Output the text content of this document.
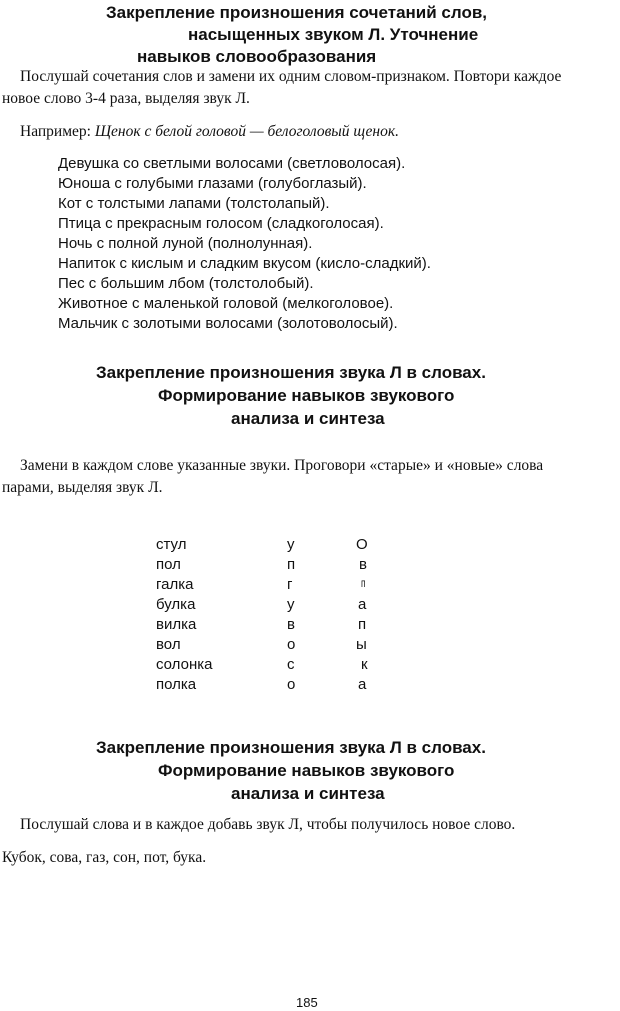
Закрепление произношения сочетаний слов,
насыщенных звуком Л. Уточнение
навыков словообразования
Послушай сочетания слов и замени их одним словом-признаком. Повтори каждое
новое слово 3-4 раза, выделяя звук Л.
Например: Щенок с белой головой — белоголовый щенок.
Девушка со светлыми волосами (светловолосая).
Юноша с голубыми глазами (голубоглазый).
Кот с толстыми лапами (толстолапый).
Птица с прекрасным голосом (сладкоголосая).
Ночь с полной луной (полнолунная).
Напиток с кислым и сладким вкусом (кисло-сладкий).
Пес с большим лбом (толстолобый).
Животное с маленькой головой (мелкоголовое).
Мальчик с золотыми волосами (золотоволосый).
Закрепление произношения звука Л в словах.
Формирование навыков звукового
анализа и синтеза
Замени в каждом слове указанные звуки. Проговори «старые» и «новые» слова
парами, выделяя звук Л.
стул	у	О
пол	п	в
галка	г	п
булка	у	а
вилка	в	п
вол	о	ы
солонка	с	к
полка	о	а
Закрепление произношения звука Л в словах.
Формирование навыков звукового
анализа и синтеза
Послушай слова и в каждое добавь звук Л, чтобы получилось новое слово.
Кубок, сова, газ, сон, пот, бука.
185
